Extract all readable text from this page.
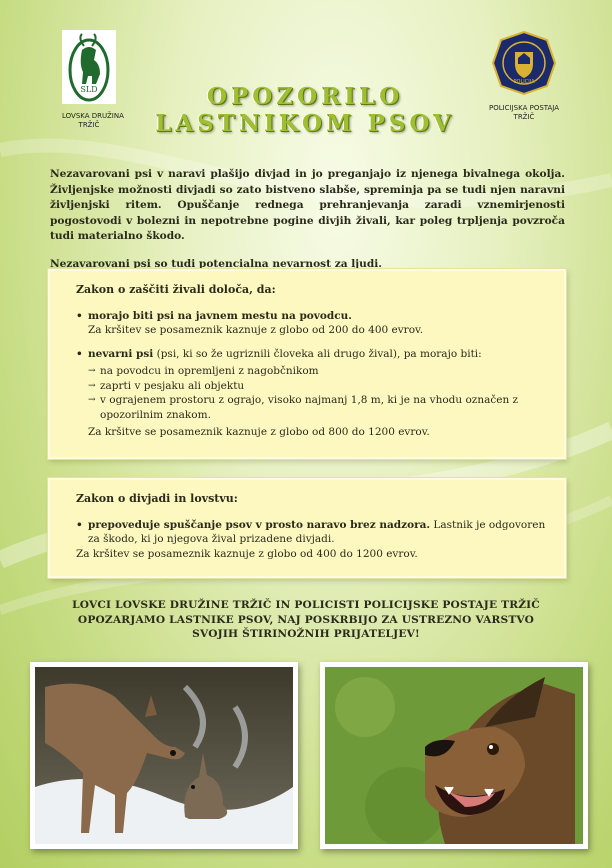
SLD
LOVSKA DRUŽINA
TRŽIČ
POLICIJA
POLICIJSKA POSTAJA
TRŽIČ
OPOZORILO
LASTNIKOM PSOV

Nezavarovani psi v naravi plašijo divjad in jo preganjajo iz njenega bivalnega okolja. Življenjske možnosti divjadi so zato bistveno slabše, spreminja pa se tudi njen naravni življenjski ritem. Opuščanje rednega prehranjevanja zaradi vznemirjenosti pogostovodi v bolezni in nepotrebne pogine divjih živali, kar poleg trpljenja povzroča tudi materialno škodo.

Nezavarovani psi so tudi potencialna nevarnost za ljudi.

Zakon o zaščiti živali določa, da:
• morajo biti psi na javnem mestu na povodcu.
Za kršitev se posameznik kaznuje z globo od 200 do 400 evrov.
• nevarni psi (psi, ki so že ugriznili človeka ali drugo žival), pa morajo biti:
→ na povodcu in opremljeni z nagobčnikom
→ zaprti v pesjaku ali objektu
→ v ograjenem prostoru z ograjo, visoko najmanj 1,8 m, ki je na vhodu označen z opozorilnim znakom.
Za kršitve se posameznik kaznuje z globo od 800 do 1200 evrov.
Zakon o divjadi in lovstvu:
• prepoveduje spuščanje psov v prosto naravo brez nadzora. Lastnik je odgovoren za škodo, ki jo njegova žival prizadene divjadi.
Za kršitev se posameznik kaznuje z globo od 400 do 1200 evrov.
LOVCI LOVSKE DRUŽINE TRŽIČ IN POLICISTI POLICIJSKE POSTAJE TRŽIČ OPOZARJAMO LASTNIKE PSOV, NAJ POSKRBIJO ZA USTREZNO VARSTVO SVOJIH ŠTIRINOŽNIH PRIJATELJEV!
